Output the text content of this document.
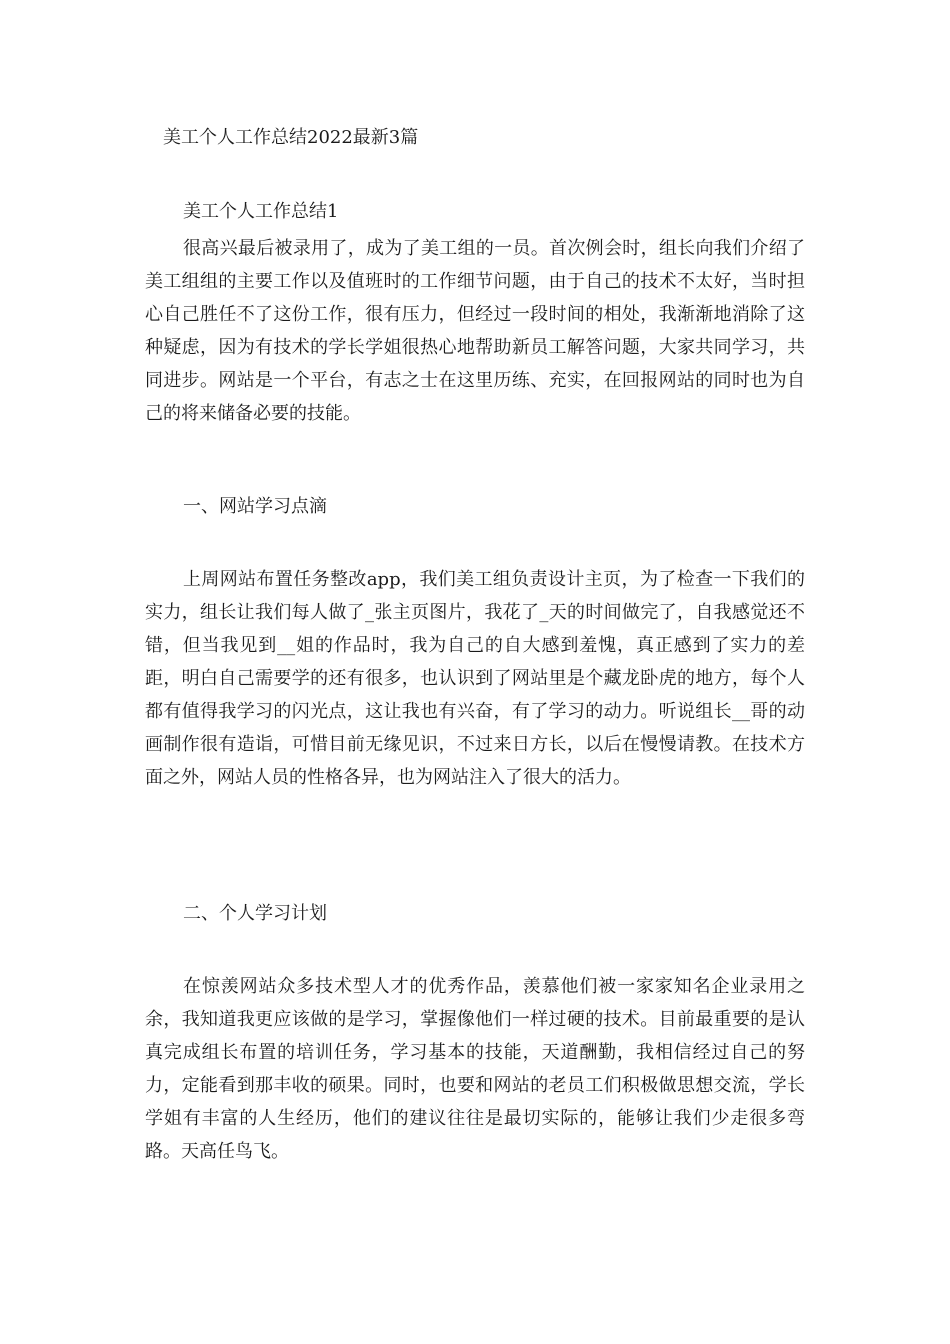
美工个人工作总结2022最新3篇
美工个人工作总结1

很高兴最后被录用了，成为了美工组的一员。首次例会时，组长向我们介绍了美工组组的主要工作以及值班时的工作细节问题，由于自己的技术不太好，当时担心自己胜任不了这份工作，很有压力，但经过一段时间的相处，我渐渐地消除了这种疑虑，因为有技术的学长学姐很热心地帮助新员工解答问题，大家共同学习，共同进步。网站是一个平台，有志之士在这里历练、充实，在回报网站的同时也为自己的将来储备必要的技能。

一、网站学习点滴

上周网站布置任务整改app，我们美工组负责设计主页，为了检查一下我们的实力，组长让我们每人做了_张主页图片，我花了_天的时间做完了，自我感觉还不错，但当我见到__姐的作品时，我为自己的自大感到羞愧，真正感到了实力的差距，明白自己需要学的还有很多，也认识到了网站里是个藏龙卧虎的地方，每个人都有值得我学习的闪光点，这让我也有兴奋，有了学习的动力。听说组长__哥的动画制作很有造诣，可惜目前无缘见识，不过来日方长，以后在慢慢请教。在技术方面之外，网站人员的性格各异，也为网站注入了很大的活力。

二、个人学习计划

在惊羡网站众多技术型人才的优秀作品，羡慕他们被一家家知名企业录用之余，我知道我更应该做的是学习，掌握像他们一样过硬的技术。目前最重要的是认真完成组长布置的培训任务，学习基本的技能，天道酬勤，我相信经过自己的努力，定能看到那丰收的硕果。同时，也要和网站的老员工们积极做思想交流，学长学姐有丰富的人生经历，他们的建议往往是最切实际的，能够让我们少走很多弯路。天高任鸟飞。
